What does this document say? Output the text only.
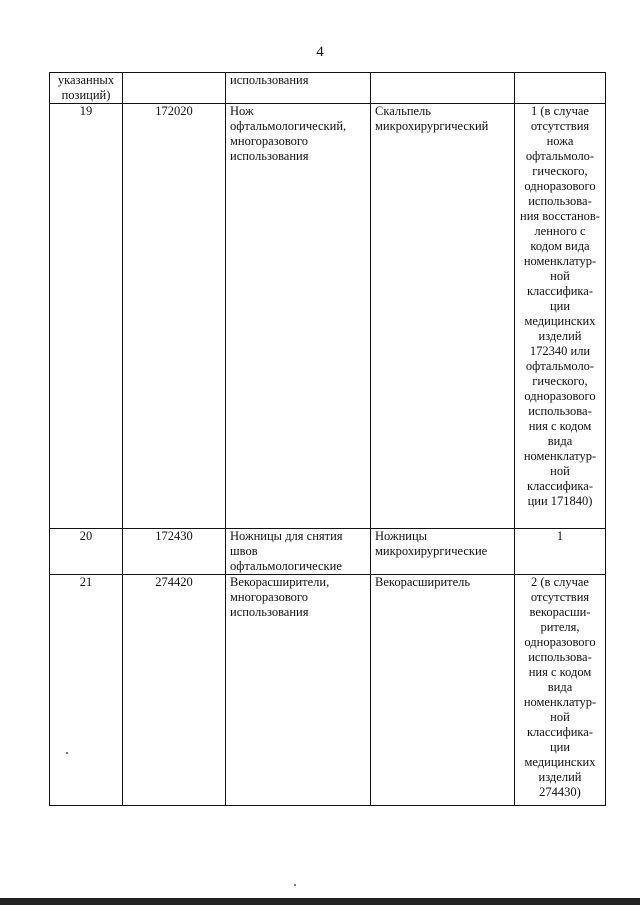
4
указанных позиций)		использования		
19	172020	Нож офтальмологический, многоразового использования	Скальпель микрохирургический	1 (в случае отсутствия ножа офтальмоло-гического, одноразового использова-ния восстанов-ленного с кодом вида номенклатур-ной классифика-ции медицинских изделий 172340 или офтальмоло-гического, одноразового использова-ния с кодом вида номенклатур-ной классифика-ции 171840)
20	172430	Ножницы для снятия швов офтальмологические	Ножницы микрохирургические	1
21	274420	Векорасширители, многоразового использования	Векорасширитель	2 (в случае отсутствия векорасши-рителя, одноразового использова-ния с кодом вида номенклатур-ной классифика-ции медицинских изделий 274430)
